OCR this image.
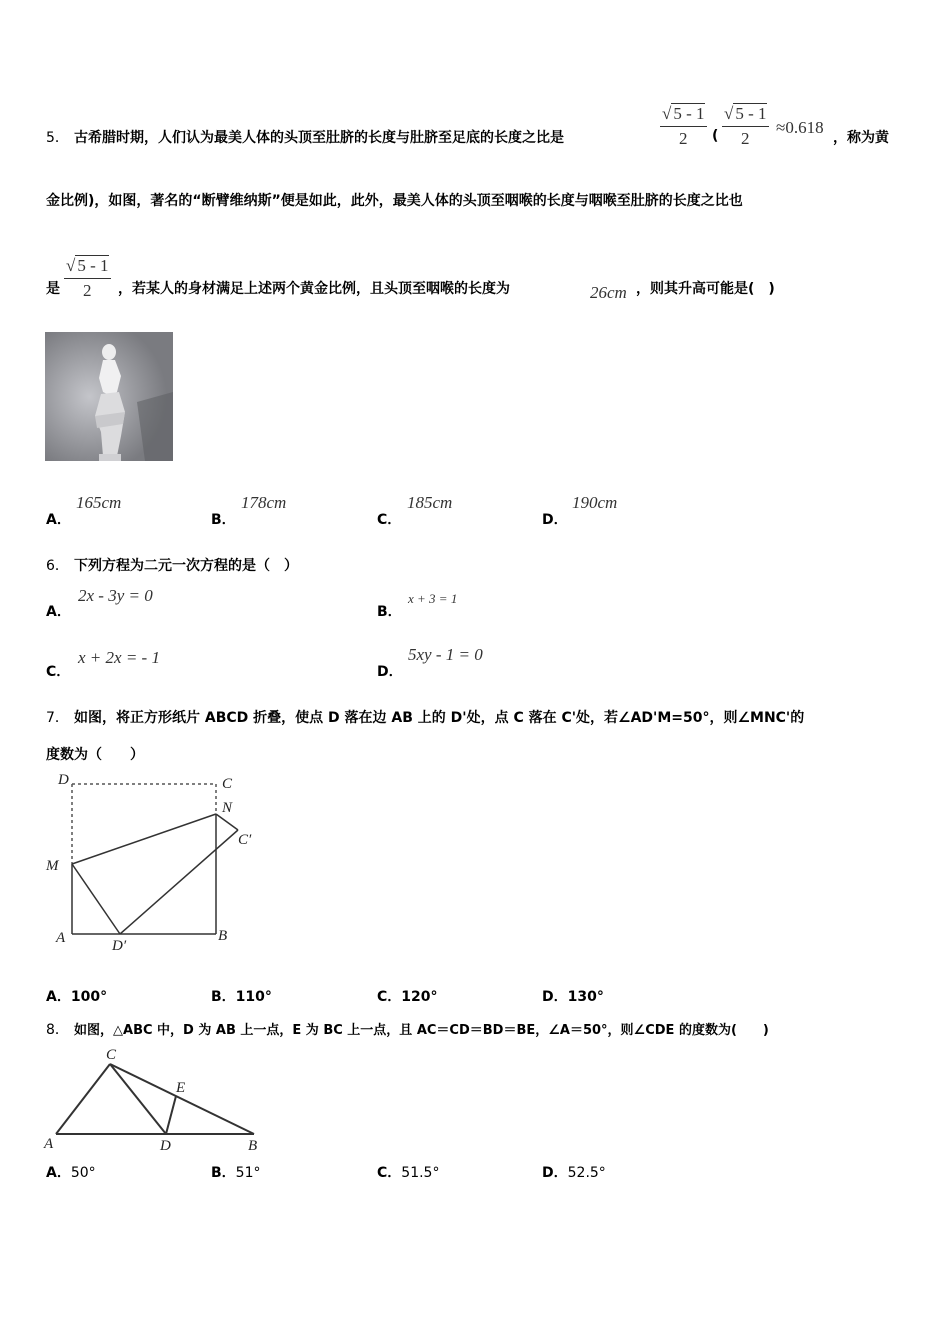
5． 古希腊时期，人们认为最美人体的头顶至肚脐的长度与肚脐至足底的长度之比是	$\frac{√ 5 - 1}{2}$ ( $\frac{√ 5 - 1}{2} \approx 0.618$
，称为黄
金比例)，如图，著名的“断臂维纳斯”便是如此，此外，最美人体的头顶至咽喉的长度与咽喉至肚脐的长度之比也
是 $\frac{√ 5 - 1}{2}$ ，若某人的身材满足上述两个黄金比例，且头顶至咽喉的长度为	26cm ，则其升高可能是(　)
A．
165cm
B．
178cm
C．
185cm
D．
190cm
6． 下列方程为二元一次方程的是（　）
A．
2x - 3y = 0
B．
x + 3 = 1
C．
x + 2x = - 1
D．
5xy - 1 = 0
7． 如图，将正方形纸片 ABCD 折叠，使点 D 落在边 AB 上的 D'处，点 C 落在 C'处，若∠AD'M=50°，则∠MNC'的
度数为（　　）
D	C
N
C′
M
A	D′
B
A．100°	B．110°	C．120°	D．130°
8． 如图，△ABC 中，D 为 AB 上一点，E 为 BC 上一点，且 AC＝CD＝BD＝BE，∠A＝50°，则∠CDE 的度数为(　　)
C
E
A	D	B
A．50°	B．51°	C．51.5°	D．52.5°
